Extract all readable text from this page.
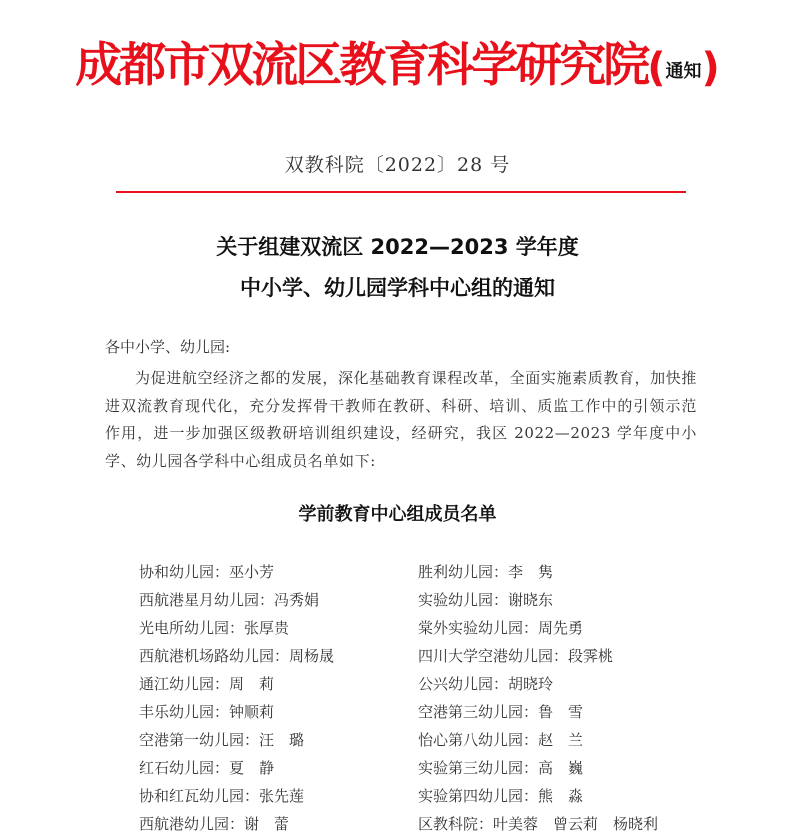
成都市双流区教育科学研究院(通知)
双教科院〔2022〕28 号
关于组建双流区 2022—2023 学年度
中小学、幼儿园学科中心组的通知
各中小学、幼儿园:
为促进航空经济之都的发展，深化基础教育课程改革，全面实施素质教育，加快推进双流教育现代化，充分发挥骨干教师在教研、科研、培训、质监工作中的引领示范作用，进一步加强区级教研培训组织建设，经研究，我区 2022—2023 学年度中小学、幼儿园各学科中心组成员名单如下:
学前教育中心组成员名单
协和幼儿园：巫小芳	胜利幼儿园：李　隽
西航港星月幼儿园：冯秀娟	实验幼儿园：谢晓东
光电所幼儿园：张厚贵	棠外实验幼儿园：周先勇
西航港机场路幼儿园：周杨晟	四川大学空港幼儿园：段霁桃
通江幼儿园：周　莉	公兴幼儿园：胡晓玲
丰乐幼儿园：钟顺莉	空港第三幼儿园：鲁　雪
空港第一幼儿园：汪　璐	怡心第八幼儿园：赵　兰
红石幼儿园：夏　静	实验第三幼儿园：高　巍
协和红瓦幼儿园：张先莲	实验第四幼儿园：熊　淼
西航港幼儿园：谢　蕾	区教科院：叶美蓉　曾云莉　杨晓利
